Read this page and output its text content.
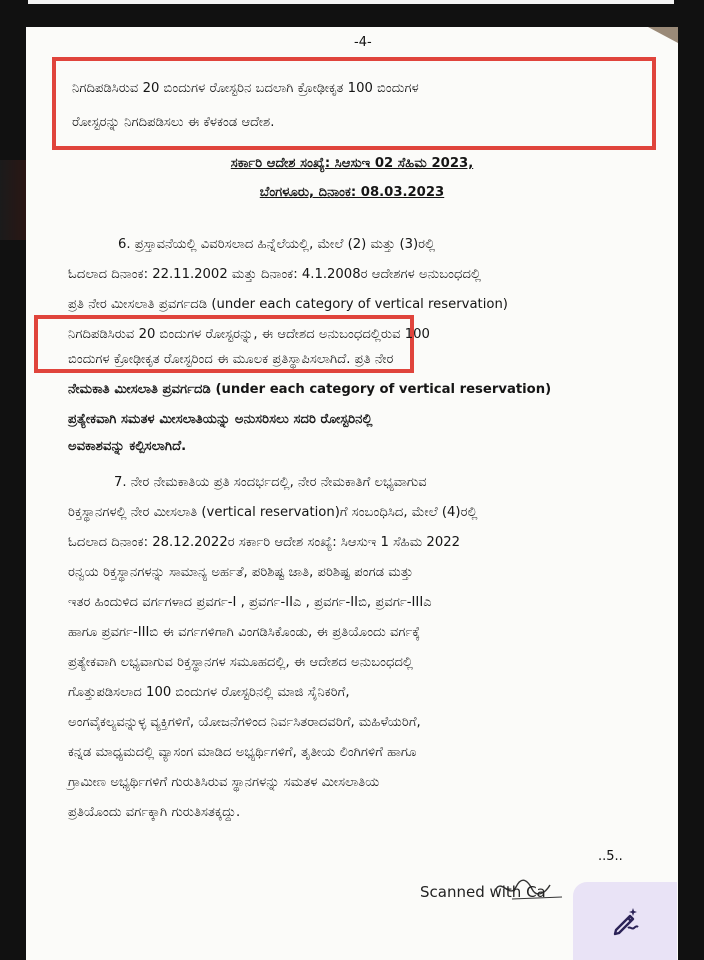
-4-
ನಿಗದಿಪಡಿಸಿರುವ 20 ಬಿಂದುಗಳ ರೋಸ್ಟರಿನ ಬದಲಾಗಿ ಕ್ರೋಢೀಕೃತ 100 ಬಿಂದುಗಳ
ರೋಸ್ಟರನ್ನು ನಿಗದಿಪಡಿಸಲು ಈ ಕೆಳಕಂಡ ಆದೇಶ.
ಸರ್ಕಾರಿ ಆದೇಶ ಸಂಖ್ಯೆ: ಸಿಆಸುಇ 02 ಸೆಹಿಮ 2023,
ಬೆಂಗಳೂರು, ದಿನಾಂಕ: 08.03.2023
6. ಪ್ರಸ್ತಾವನೆಯಲ್ಲಿ ವಿವರಿಸಲಾದ ಹಿನ್ನೆಲೆಯಲ್ಲಿ, ಮೇಲೆ (2) ಮತ್ತು (3)ರಲ್ಲಿ
ಓದಲಾದ ದಿನಾಂಕ: 22.11.2002 ಮತ್ತು ದಿನಾಂಕ: 4.1.2008ರ ಆದೇಶಗಳ ಅನುಬಂಧದಲ್ಲಿ
ಪ್ರತಿ ನೇರ ಮೀಸಲಾತಿ ಪ್ರವರ್ಗದಡಿ (under each category of vertical reservation)
ನಿಗದಿಪಡಿಸಿರುವ 20 ಬಿಂದುಗಳ ರೋಸ್ಟರನ್ನು, ಈ ಆದೇಶದ ಅನುಬಂಧದಲ್ಲಿರುವ 100
ಬಿಂದುಗಳ ಕ್ರೋಢೀಕೃತ ರೋಸ್ಟರಿಂದ ಈ ಮೂಲಕ ಪ್ರತಿಸ್ಥಾಪಿಸಲಾಗಿದೆ. ಪ್ರತಿ ನೇರ
ನೇಮಕಾತಿ ಮೀಸಲಾತಿ ಪ್ರವರ್ಗದಡಿ (under each category of vertical reservation)
ಪ್ರತ್ಯೇಕವಾಗಿ ಸಮತಳ ಮೀಸಲಾತಿಯನ್ನು ಅನುಸರಿಸಲು ಸದರಿ ರೋಸ್ಟರಿನಲ್ಲಿ
ಅವಕಾಶವನ್ನು ಕಲ್ಪಿಸಲಾಗಿದೆ.
7. ನೇರ ನೇಮಕಾತಿಯ ಪ್ರತಿ ಸಂದರ್ಭದಲ್ಲಿ, ನೇರ ನೇಮಕಾತಿಗೆ ಲಭ್ಯವಾಗುವ
ರಿಕ್ತಸ್ಥಾನಗಳಲ್ಲಿ ನೇರ ಮೀಸಲಾತಿ (vertical reservation)ಗೆ ಸಂಬಂಧಿಸಿದ, ಮೇಲೆ (4)ರಲ್ಲಿ
ಓದಲಾದ ದಿನಾಂಕ: 28.12.2022ರ ಸರ್ಕಾರಿ ಆದೇಶ ಸಂಖ್ಯೆ: ಸಿಆಸುಇ 1 ಸೆಹಿಮ 2022
ರನ್ವಯ ರಿಕ್ತಸ್ಥಾನಗಳನ್ನು ಸಾಮಾನ್ಯ ಅರ್ಹತೆ, ಪರಿಶಿಷ್ಟ ಜಾತಿ, ಪರಿಶಿಷ್ಟ ಪಂಗಡ ಮತ್ತು
ಇತರ ಹಿಂದುಳಿದ ವರ್ಗಗಳಾದ ಪ್ರವರ್ಗ-I , ಪ್ರವರ್ಗ-IIಎ , ಪ್ರವರ್ಗ-IIಬಿ, ಪ್ರವರ್ಗ-IIIಎ
ಹಾಗೂ ಪ್ರವರ್ಗ-IIIಬಿ ಈ ವರ್ಗಗಳಿಗಾಗಿ ವಿಂಗಡಿಸಿಕೊಂಡು, ಈ ಪ್ರತಿಯೊಂದು ವರ್ಗಕ್ಕೆ
ಪ್ರತ್ಯೇಕವಾಗಿ ಲಭ್ಯವಾಗುವ ರಿಕ್ತಸ್ಥಾನಗಳ ಸಮೂಹದಲ್ಲಿ, ಈ ಆದೇಶದ ಅನುಬಂಧದಲ್ಲಿ
ಗೊತ್ತುಪಡಿಸಲಾದ 100 ಬಿಂದುಗಳ ರೋಸ್ಟರಿನಲ್ಲಿ ಮಾಜಿ ಸೈನಿಕರಿಗೆ,
ಅಂಗವೈಕಲ್ಯವನ್ನುಳ್ಳ ವ್ಯಕ್ತಿಗಳಿಗೆ, ಯೋಜನೆಗಳಿಂದ ನಿರ್ವಸಿತರಾದವರಿಗೆ, ಮಹಿಳೆಯರಿಗೆ,
ಕನ್ನಡ ಮಾಧ್ಯಮದಲ್ಲಿ ವ್ಯಾಸಂಗ ಮಾಡಿದ ಅಭ್ಯರ್ಥಿಗಳಿಗೆ, ತೃತೀಯ ಲಿಂಗಿಗಳಿಗೆ ಹಾಗೂ
ಗ್ರಾಮೀಣ ಅಭ್ಯರ್ಥಿಗಳಿಗೆ ಗುರುತಿಸಿರುವ ಸ್ಥಾನಗಳನ್ನು ಸಮತಳ ಮೀಸಲಾತಿಯ
ಪ್ರತಿಯೊಂದು ವರ್ಗಕ್ಕಾಗಿ ಗುರುತಿಸತಕ್ಕದ್ದು.
..5..
Scanned with Ca
